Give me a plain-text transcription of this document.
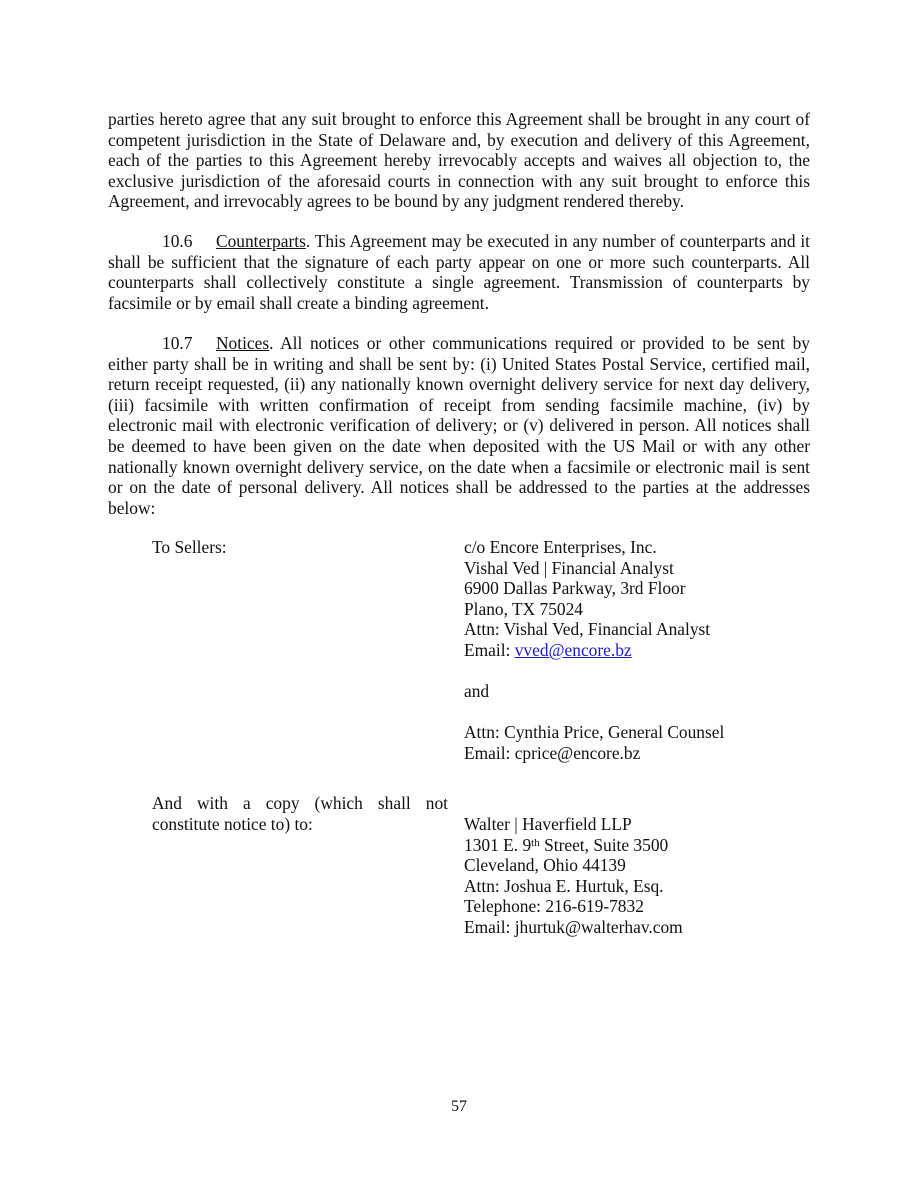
parties hereto agree that any suit brought to enforce this Agreement shall be brought in any court of competent jurisdiction in the State of Delaware and, by execution and delivery of this Agreement, each of the parties to this Agreement hereby irrevocably accepts and waives all objection to, the exclusive jurisdiction of the aforesaid courts in connection with any suit brought to enforce this Agreement, and irrevocably agrees to be bound by any judgment rendered thereby.

10.6 Counterparts. This Agreement may be executed in any number of counterparts and it shall be sufficient that the signature of each party appear on one or more such counterparts. All counterparts shall collectively constitute a single agreement. Transmission of counterparts by facsimile or by email shall create a binding agreement.

10.7 Notices. All notices or other communications required or provided to be sent by either party shall be in writing and shall be sent by: (i) United States Postal Service, certified mail, return receipt requested, (ii) any nationally known overnight delivery service for next day delivery, (iii) facsimile with written confirmation of receipt from sending facsimile machine, (iv) by electronic mail with electronic verification of delivery; or (v) delivered in person. All notices shall be deemed to have been given on the date when deposited with the US Mail or with any other nationally known overnight delivery service, on the date when a facsimile or electronic mail is sent or on the date of personal delivery. All notices shall be addressed to the parties at the addresses below:

To Sellers:	c/o Encore Enterprises, Inc.
Vishal Ved | Financial Analyst
6900 Dallas Parkway, 3rd Floor
Plano, TX 75024
Attn: Vishal Ved, Financial Analyst
Email: vved@encore.bz
and
Attn: Cynthia Price, General Counsel
Email: cprice@encore.bz
And with a copy (which shall not
constitute notice to) to:	Walter | Haverfield LLP
1301 E. 9th Street, Suite 3500
Cleveland, Ohio 44139
Attn: Joshua E. Hurtuk, Esq.
Telephone: 216-619-7832
Email: jhurtuk@walterhav.com
57
